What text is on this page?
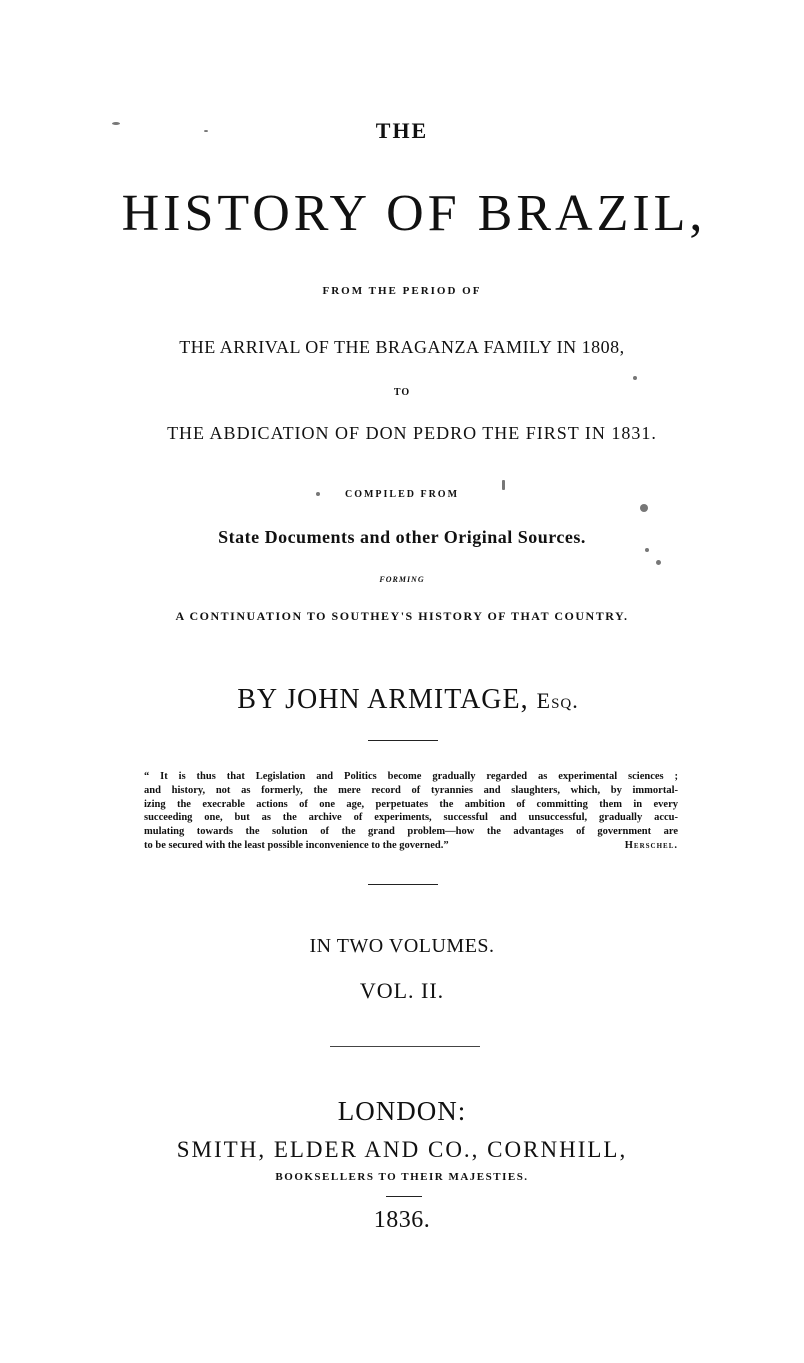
THE
HISTORY OF BRAZIL,
FROM THE PERIOD OF
THE ARRIVAL OF THE BRAGANZA FAMILY IN 1808,
TO
THE ABDICATION OF DON PEDRO THE FIRST IN 1831.
COMPILED FROM
State Documents and other Original Sources.
FORMING
A CONTINUATION TO SOUTHEY'S HISTORY OF THAT COUNTRY.
BY JOHN ARMITAGE, Esq.
“ It is thus that Legislation and Politics become gradually regarded as experimental sciences ;
and history, not as formerly, the mere record of tyrannies and slaughters, which, by immortal-
izing the execrable actions of one age, perpetuates the ambition of committing them in every
succeeding one, but as the archive of experiments, successful and unsuccessful, gradually accu-
mulating towards the solution of the grand problem—how the advantages of government are
to be secured with the least possible inconvenience to the governed.”	Herschel.
IN TWO VOLUMES.
VOL. II.
LONDON:
SMITH, ELDER AND CO., CORNHILL,
BOOKSELLERS TO THEIR MAJESTIES.
1836.
